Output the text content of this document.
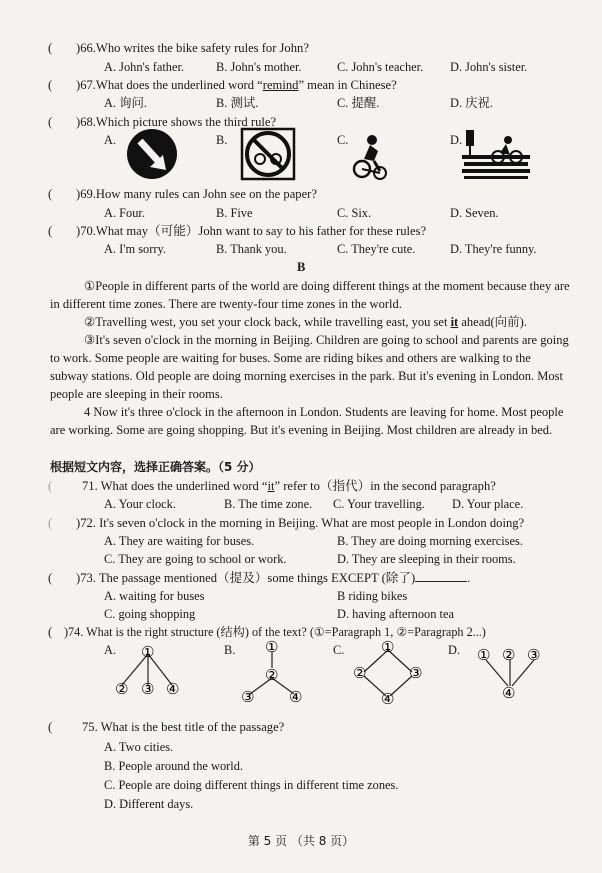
( )66.Who writes the bike safety rules for John?
A. John's father.	B. John's mother.	C. John's teacher. D. John's sister.
( )67.What does the underlined word “remind” mean in Chinese?
A. 询问.	B. 测试.	C. 提醒.	D. 庆祝.
( )68.Which picture shows the third rule?
A.	B.	C.	D.
( )69.How many rules can John see on the paper?
A. Four.	B. Five	C. Six.	D. Seven.
( )70.What may（可能）John want to say to his father for these rules?
A. I'm sorry.	B. Thank you.	C. They're cute.	D. They're funny.
B
①People in different parts of the world are doing different things at the moment because they are in different time zones. There are twenty-four time zones in the world.
②Travelling west, you set your clock back, while travelling east, you set it ahead(向前).
③It's seven o'clock in the morning in Beijing. Children are going to school and parents are going to work. Some people are waiting for buses. Some are riding bikes and others are walking to the subway stations. Old people are doing morning exercises in the park. But it's evening in London. Most people are sleeping in their rooms.
4 Now it's three o'clock in the afternoon in London. Students are leaving for home. Most people are working. Some are going shopping. But it's evening in Beijing. Most children are already in bed.
根据短文内容，选择正确答案。（5 分）
( 71. What does the underlined word “it” refer to（指代）in the second paragraph?
A. Your clock.	B. The time zone. C. Your travelling. D. Your place.
( )72. It's seven o'clock in the morning in Beijing. What are most people in London doing?
A. They are waiting for buses.	B. They are doing morning exercises.
C. They are going to school or work.	D. They are sleeping in their rooms.
( )73. The passage mentioned（提及）some things EXCEPT (除了)	.
A. waiting for buses	B riding bikes
C. going shopping	D. having afternoon tea
( )74. What is the right structure (结构) of the text? (①=Paragraph 1, ②=Paragraph 2...)
A.	B.	C.	D.
①
② ③ ④
①
②
③ ④
①
②	③
④
① ② ③
④
( 75. What is the best title of the passage?
A. Two cities.
B. People around the world.
C. People are doing different things in different time zones.
D. Different days.
第 5 页 （共 8 页）
